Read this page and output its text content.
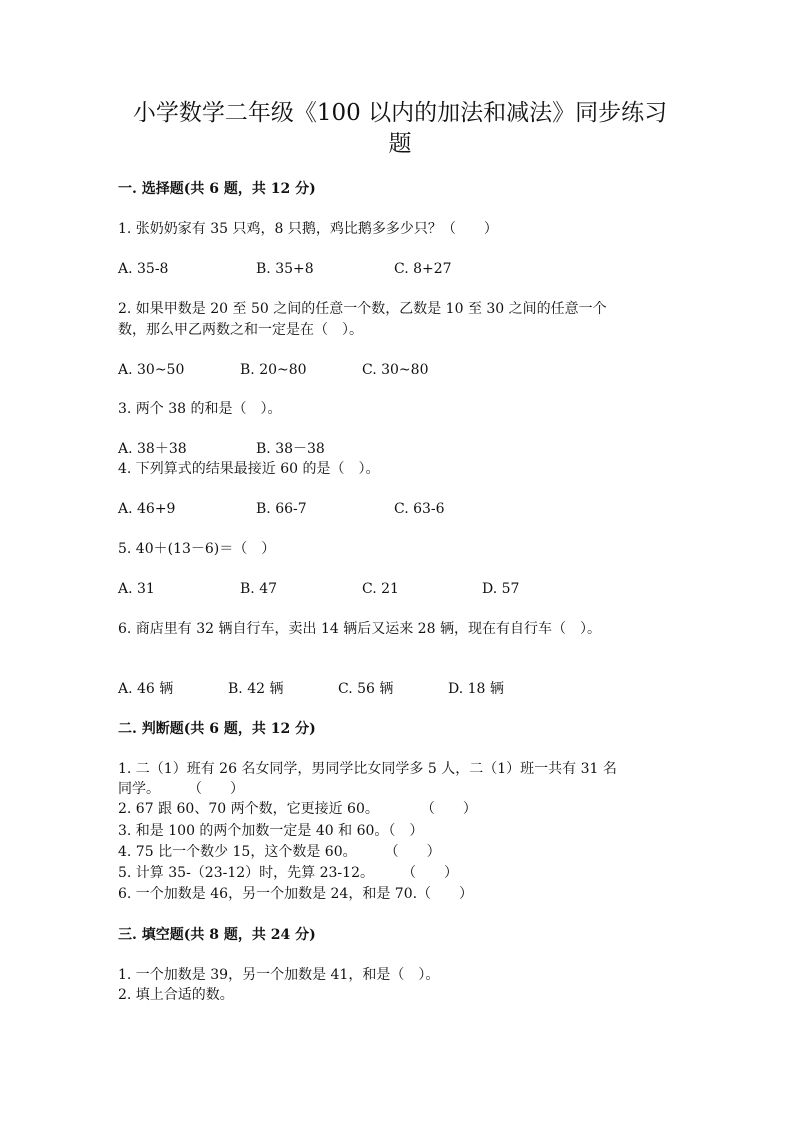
小学数学二年级《100 以内的加法和减法》同步练习
题
一. 选择题(共 6 题，共 12 分)
1. 张奶奶家有 35 只鸡，8 只鹅，鸡比鹅多多少只？（　　）
A. 35-8	B. 35+8	C. 8+27
2. 如果甲数是 20 至 50 之间的任意一个数，乙数是 10 至 30 之间的任意一个
数，那么甲乙两数之和一定是在（　）。
A. 30~50	B. 20~80	C. 30~80
3. 两个 38 的和是（　）。
A. 38＋38	B. 38－38
4. 下列算式的结果最接近 60 的是（　）。
A. 46+9	B. 66-7	C. 63-6
5. 40＋(13－6)＝（　）
A. 31	B. 47	C. 21	D. 57
6. 商店里有 32 辆自行车，卖出 14 辆后又运来 28 辆，现在有自行车（　）。
A. 46 辆	B. 42 辆	C. 56 辆	D. 18 辆
二. 判断题(共 6 题，共 12 分)
1. 二（1）班有 26 名女同学，男同学比女同学多 5 人，二（1）班一共有 31 名
同学。　　　（　　）
2. 67 跟 60、70 两个数，它更接近 60。　　　　（　　）
3. 和是 100 的两个加数一定是 40 和 60。（　）
4. 75 比一个数少 15，这个数是 60。　　　（　　）
5. 计算 35-（23-12）时，先算 23-12。　　　（　　）
6. 一个加数是 46，另一个加数是 24，和是 70.（　　）
三. 填空题(共 8 题，共 24 分)
1. 一个加数是 39，另一个加数是 41，和是（　）。
2. 填上合适的数。
